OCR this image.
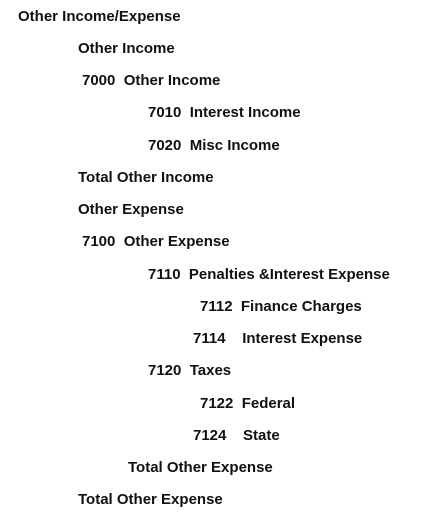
Other Income/Expense
Other Income
7000  Other Income
7010  Interest Income
7020  Misc Income
Total Other Income
Other Expense
7100  Other Expense
7110  Penalties &Interest Expense
7112  Finance Charges
7114    Interest Expense
7120  Taxes
7122  Federal
7124    State
Total Other Expense
Total Other Expense
